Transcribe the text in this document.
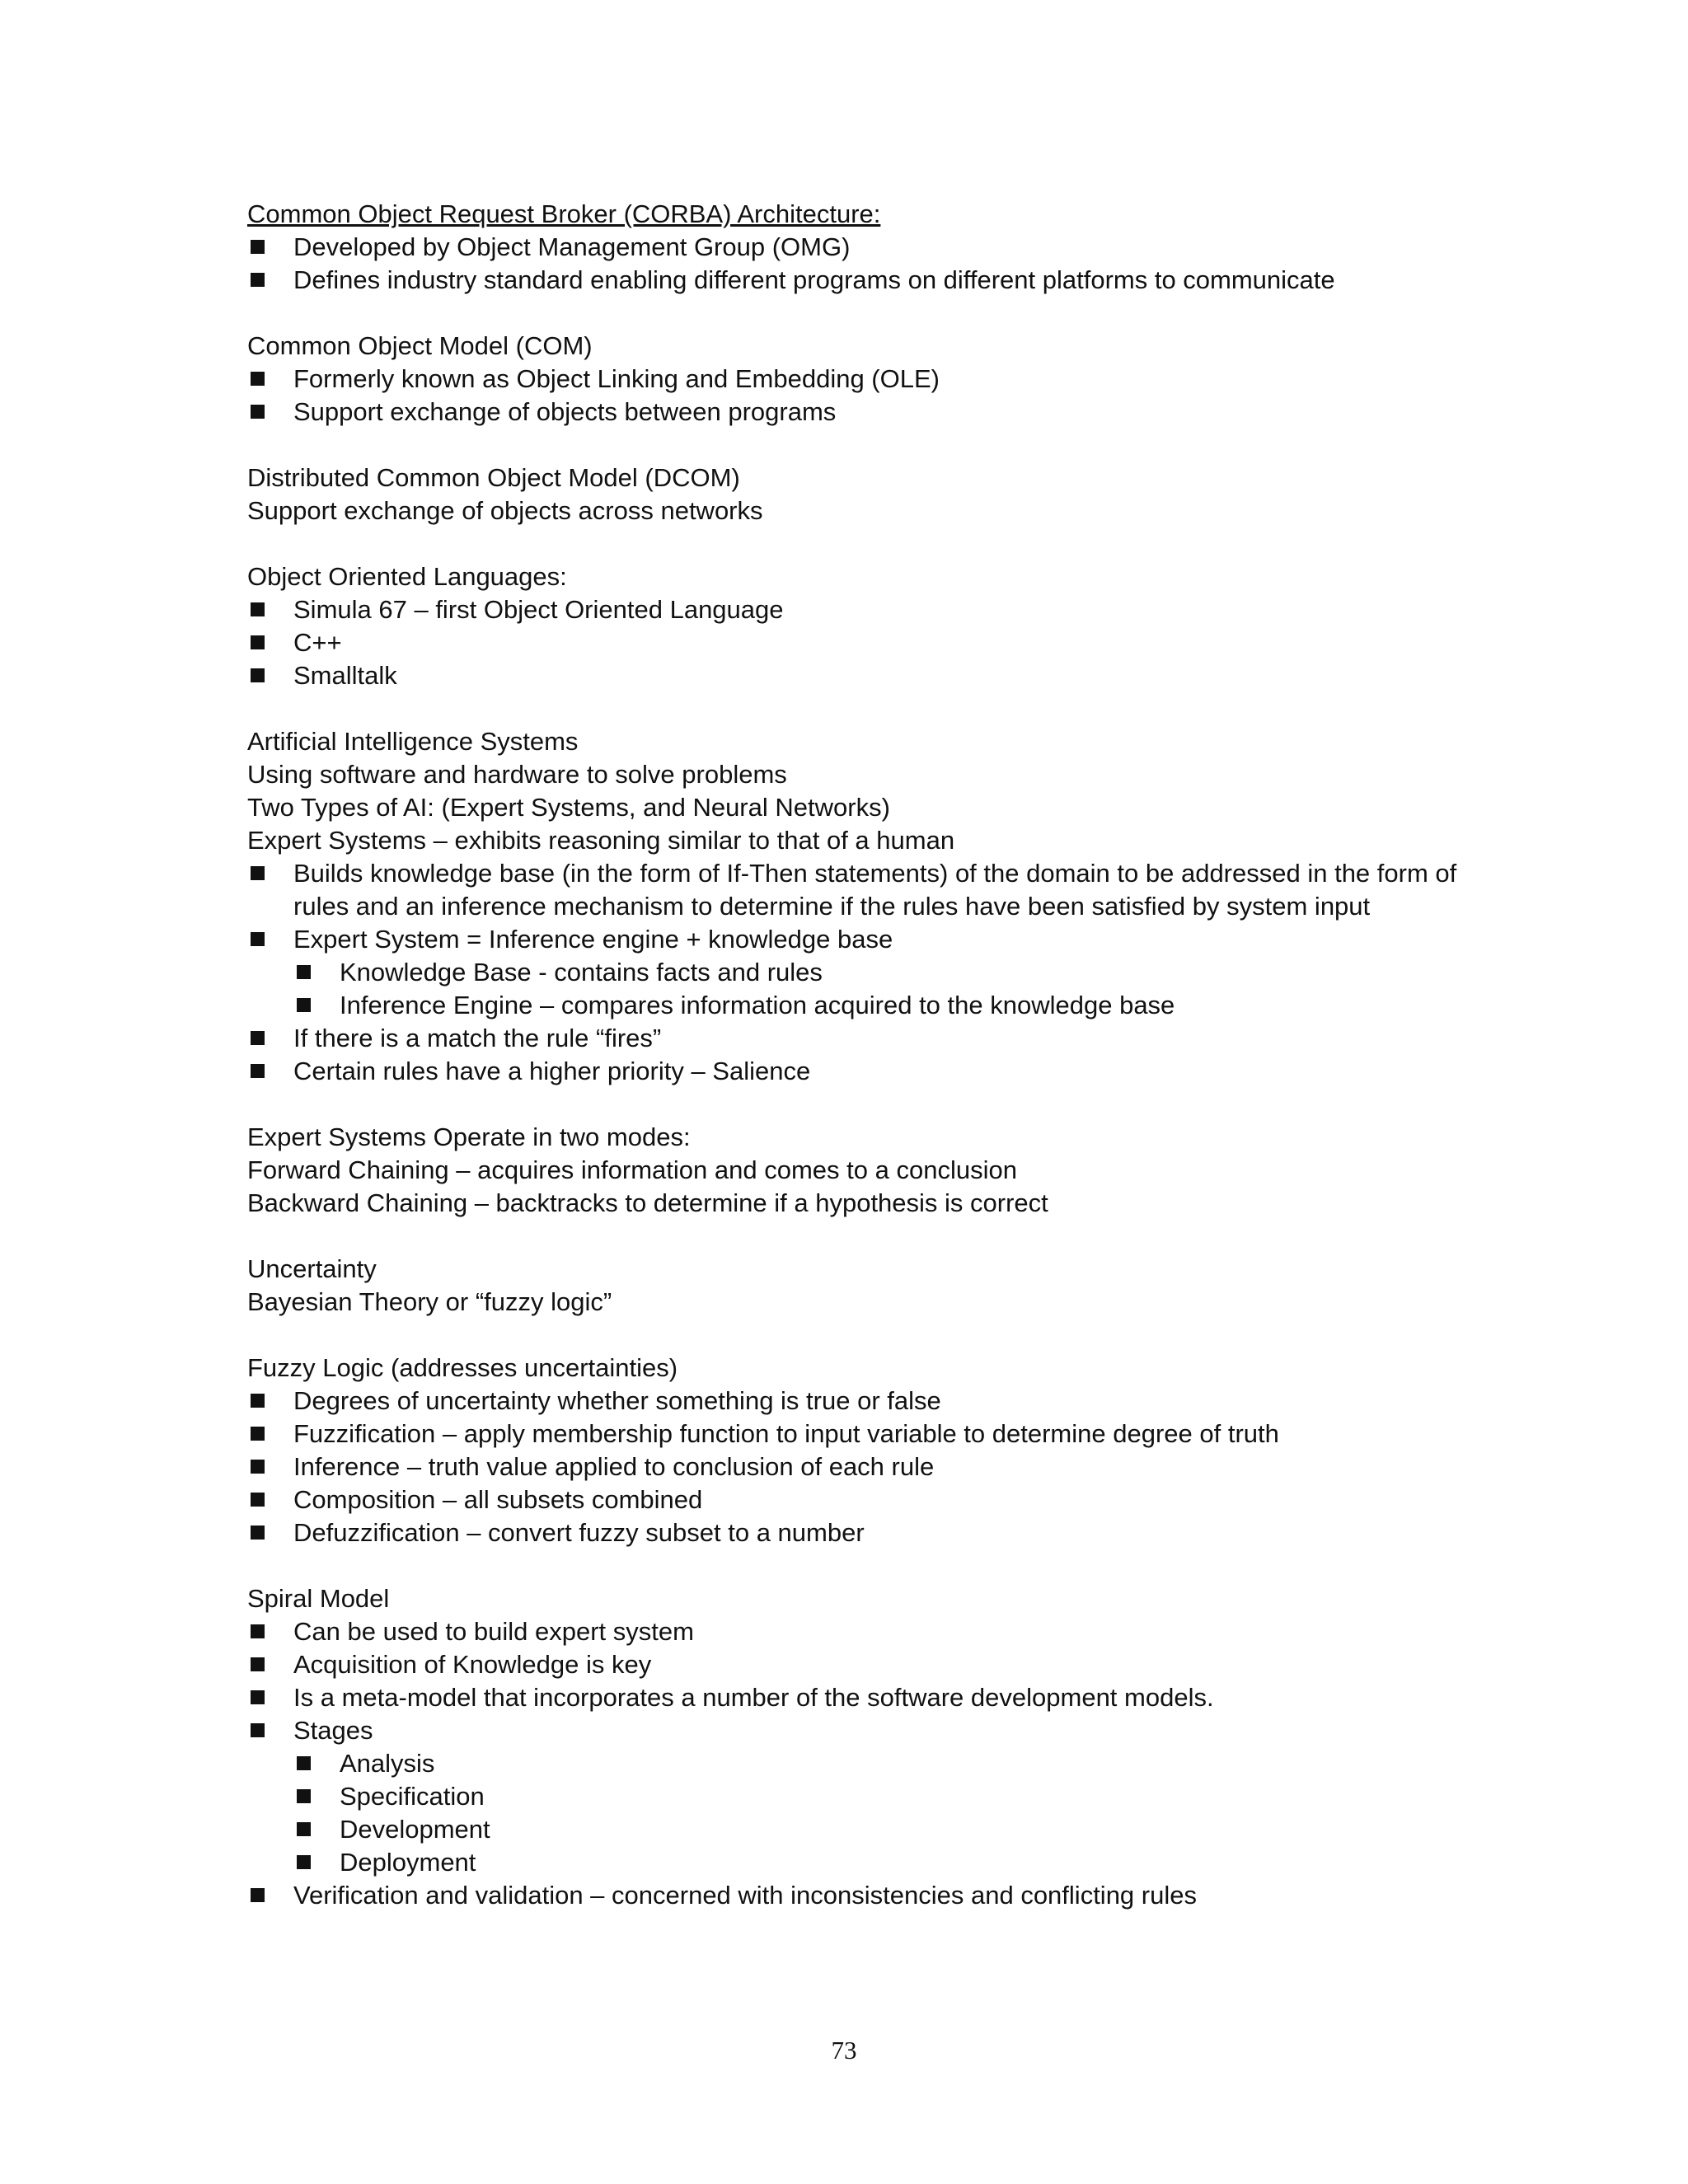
Common Object Request Broker (CORBA) Architecture:
Developed by Object Management Group (OMG)
Defines industry standard enabling different programs on different platforms to communicate
Common Object Model (COM)
Formerly known as Object Linking and Embedding (OLE)
Support exchange of objects between programs
Distributed Common Object Model (DCOM)
Support exchange of objects across networks
Object Oriented Languages:
Simula 67 – first Object Oriented Language
C++
Smalltalk
Artificial Intelligence Systems
Using software and hardware to solve problems
Two Types of AI: (Expert Systems, and Neural Networks)
Expert Systems – exhibits reasoning similar to that of a human
Builds knowledge base (in the form of If-Then statements) of the domain to be addressed in the form of rules and an inference mechanism to determine if the rules have been satisfied by system input
Expert System = Inference engine + knowledge base
Knowledge Base - contains facts and rules
Inference Engine – compares information acquired to the knowledge base
If there is a match the rule “fires”
Certain rules have a higher priority – Salience
Expert Systems Operate in two modes:
Forward Chaining – acquires information and comes to a conclusion
Backward Chaining – backtracks to determine if a hypothesis is correct
Uncertainty
Bayesian Theory or “fuzzy logic”
Fuzzy Logic (addresses uncertainties)
Degrees of uncertainty whether something is true or false
Fuzzification – apply membership function to input variable to determine degree of truth
Inference – truth value applied to conclusion of each rule
Composition – all subsets combined
Defuzzification – convert fuzzy subset to a number
Spiral Model
Can be used to build expert system
Acquisition of Knowledge is key
Is a meta-model that incorporates a number of the software development models.
Stages
Analysis
Specification
Development
Deployment
Verification and validation – concerned with inconsistencies and conflicting rules
73
